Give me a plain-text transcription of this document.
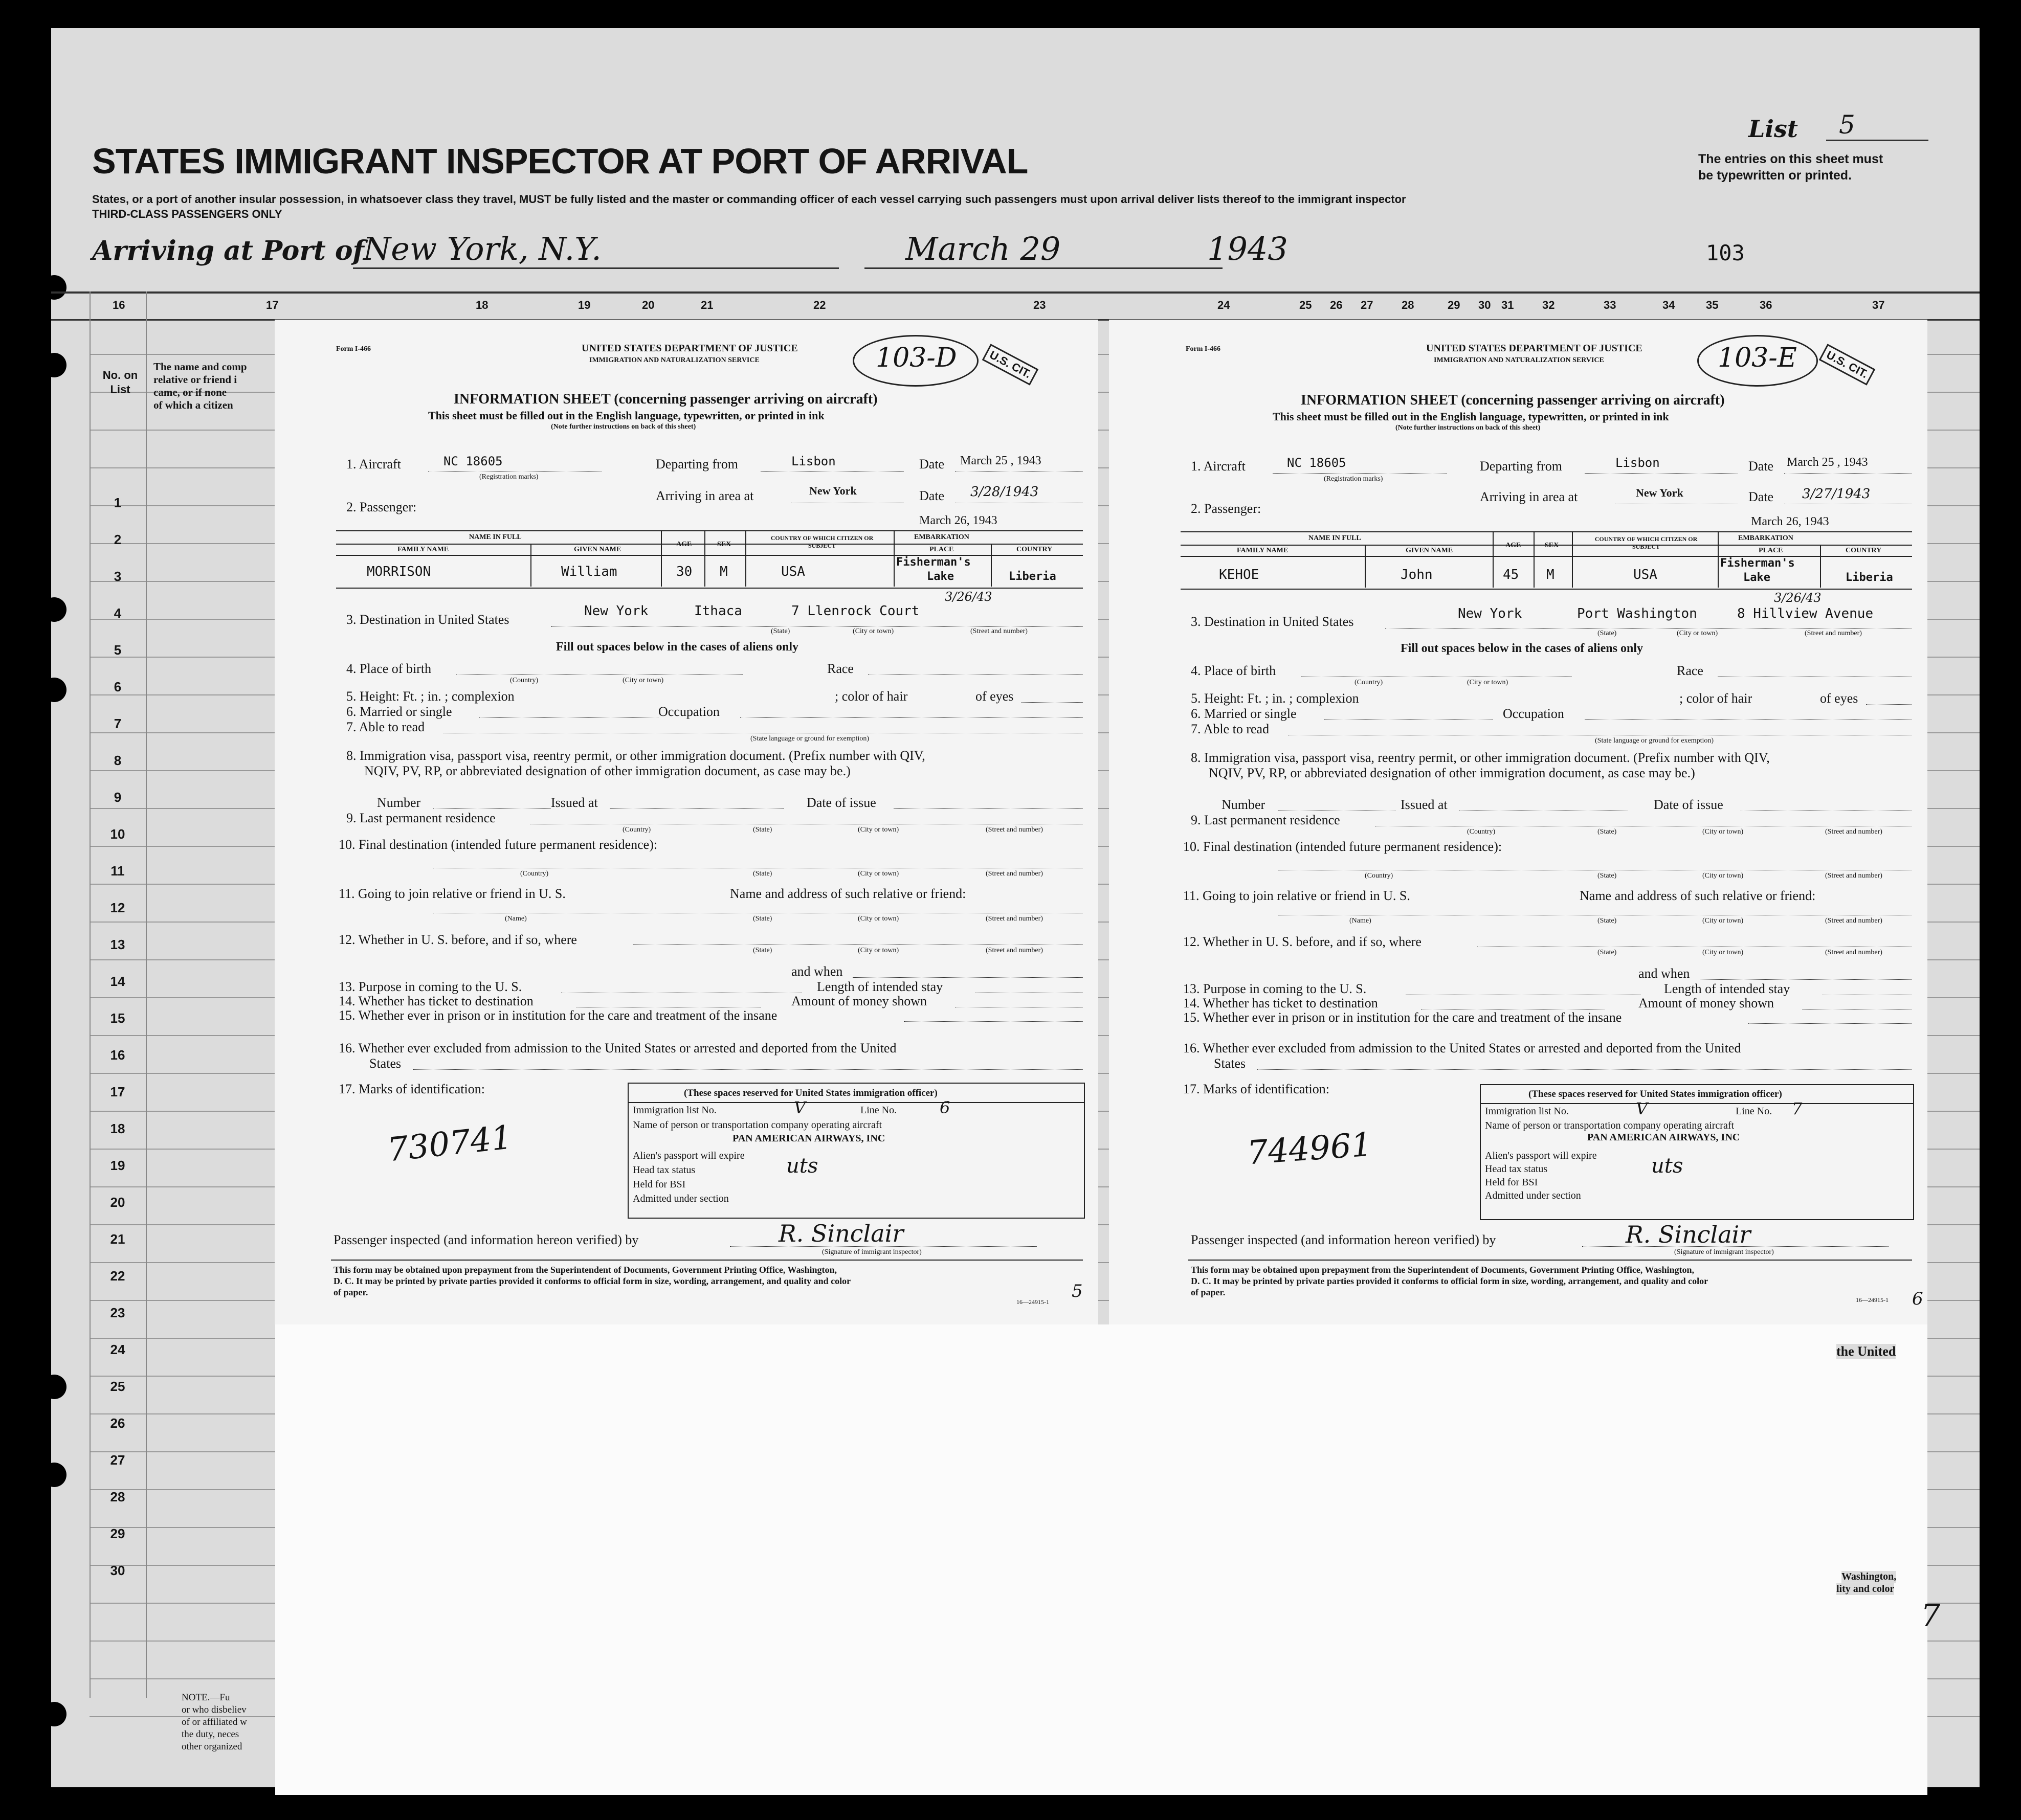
List	5
STATES IMMIGRANT INSPECTOR AT PORT OF ARRIVAL
States, or a port of another insular possession, in whatsoever class they travel, MUST be fully listed and the master or commanding officer of each vessel carrying such passengers must upon arrival deliver lists thereof to the immigrant inspector
THIRD-CLASS PASSENGERS ONLY
The entries on this sheet must
be typewritten or printed.
Arriving at Port of
New York, N.Y.	March 29	1943	103
16	17	18	19	20	21	22	23	24	25 26 27	28	29 30 31	32	33	34	35	36	37
No. on List
The name and comp
relative or friend i
came, or if none
of which a citizen
1
2
3
4
5
6
7
8
9
10
11
12
13
14
15
16
17
18
19
20
21
22
23
24
25
26
27
28
29
30
NOTE.—Fu
or who disbeliev
of or affiliated w
the duty, neces
other organized
the United
Washington,
lity and color
Form I-466	UNITED STATES DEPARTMENT OF JUSTICE
IMMIGRATION AND NATURALIZATION SERVICE	103-D	U.S. CIT.
INFORMATION SHEET (concerning passenger arriving on aircraft)
This sheet must be filled out in the English language, typewritten, or printed in ink
(Note further instructions on back of this sheet)
1. Aircraft	NC 18605
(Registration marks)
Departing from	Lisbon	Date March 25 , 1943
Arriving in area at	New York	Date 3/28/1943
2. Passenger:
March 26, 1943
NAME IN FULL
FAMILY NAME	GIVEN NAME
AGE	SEX
COUNTRY OF WHICH CITIZEN OR SUBJECT
EMBARKATION
PLACE	COUNTRY
MORRISON	William	30 M	USA
Fisherman's
Lake	Liberia
3/26/43
3. Destination in United States
New York	Ithaca	7 Llenrock Court
(State)	(City or town)	(Street and number)
Fill out spaces below in the cases of aliens only
4. Place of birth	Race
(Country)	(City or town)
5. Height: Ft. ; in. ; complexion	; color of hair	of eyes
6. Married or single	Occupation
7. Able to read
(State language or ground for exemption)
8. Immigration visa, passport visa, reentry permit, or other immigration document. (Prefix number with QIV,
NQIV, PV, RP, or abbreviated designation of other immigration document, as case may be.)
Number	Issued at	Date of issue
9. Last permanent residence
(Country)	(State)	(City or town)	(Street and number)
10. Final destination (intended future permanent residence):
(Country)	(State)	(City or town)	(Street and number)
11. Going to join relative or friend in U. S.	Name and address of such relative or friend:
(Name)	(State)	(City or town)	(Street and number)
12. Whether in U. S. before, and if so, where
(State)	(City or town)	(Street and number)
and when
13. Purpose in coming to the U. S.	Length of intended stay
14. Whether has ticket to destination	Amount of money shown
15. Whether ever in prison or in institution for the care and treatment of the insane
16. Whether ever excluded from admission to the United States or arrested and deported from the United
States
17. Marks of identification:
730741
(These spaces reserved for United States immigration officer)
Immigration list No.	V	Line No.	6
Name of person or transportation company operating aircraft
PAN AMERICAN AIRWAYS, INC
Alien's passport will expire
Head tax status	uts
Held for BSI
Admitted under section
Passenger inspected (and information hereon verified) by	R. Sinclair
(Signature of immigrant inspector)
This form may be obtained upon prepayment from the Superintendent of Documents, Government Printing Office, Washington,
D. C. It may be printed by private parties provided it conforms to official form in size, wording, arrangement, and quality and color
of paper.
16—24915-1
Form I-466	UNITED STATES DEPARTMENT OF JUSTICE
IMMIGRATION AND NATURALIZATION SERVICE	103-E	U.S. CIT.
INFORMATION SHEET (concerning passenger arriving on aircraft)
This sheet must be filled out in the English language, typewritten, or printed in ink
(Note further instructions on back of this sheet)
1. Aircraft	NC 18605
(Registration marks)
Departing from	Lisbon	Date March 25 , 1943
Arriving in area at	New York	Date 3/27/1943
2. Passenger:
March 26, 1943
NAME IN FULL
FAMILY NAME	GIVEN NAME
AGE	SEX
COUNTRY OF WHICH CITIZEN OR SUBJECT
EMBARKATION
PLACE	COUNTRY
KEHOE	John	45 M	USA
Fisherman's
Lake	Liberia
3/26/43
3. Destination in United States
New York	Port Washington	8 Hillview Avenue
(State)	(City or town)	(Street and number)
Fill out spaces below in the cases of aliens only
4. Place of birth	Race
(Country)	(City or town)
5. Height: Ft. ; in. ; complexion	; color of hair	of eyes
6. Married or single	Occupation
7. Able to read
(State language or ground for exemption)
8. Immigration visa, passport visa, reentry permit, or other immigration document. (Prefix number with QIV,
NQIV, PV, RP, or abbreviated designation of other immigration document, as case may be.)
Number	Issued at	Date of issue
9. Last permanent residence
(Country)	(State)	(City or town)	(Street and number)
10. Final destination (intended future permanent residence):
(Country)	(State)	(City or town)	(Street and number)
11. Going to join relative or friend in U. S.	Name and address of such relative or friend:
(Name)	(State)	(City or town)	(Street and number)
12. Whether in U. S. before, and if so, where
(State)	(City or town)	(Street and number)
and when
13. Purpose in coming to the U. S.	Length of intended stay
14. Whether has ticket to destination	Amount of money shown
15. Whether ever in prison or in institution for the care and treatment of the insane
16. Whether ever excluded from admission to the United States or arrested and deported from the United
States
17. Marks of identification:
744961
(These spaces reserved for United States immigration officer)
Immigration list No.	V	Line No. 7
Name of person or transportation company operating aircraft
PAN AMERICAN AIRWAYS, INC
Alien's passport will expire
Head tax status	uts
Held for BSI
Admitted under section
Passenger inspected (and information hereon verified) by	R. Sinclair
(Signature of immigrant inspector)
This form may be obtained upon prepayment from the Superintendent of Documents, Government Printing Office, Washington,
D. C. It may be printed by private parties provided it conforms to official form in size, wording, arrangement, and quality and color
of paper.
16—24915-1
5	6
7
